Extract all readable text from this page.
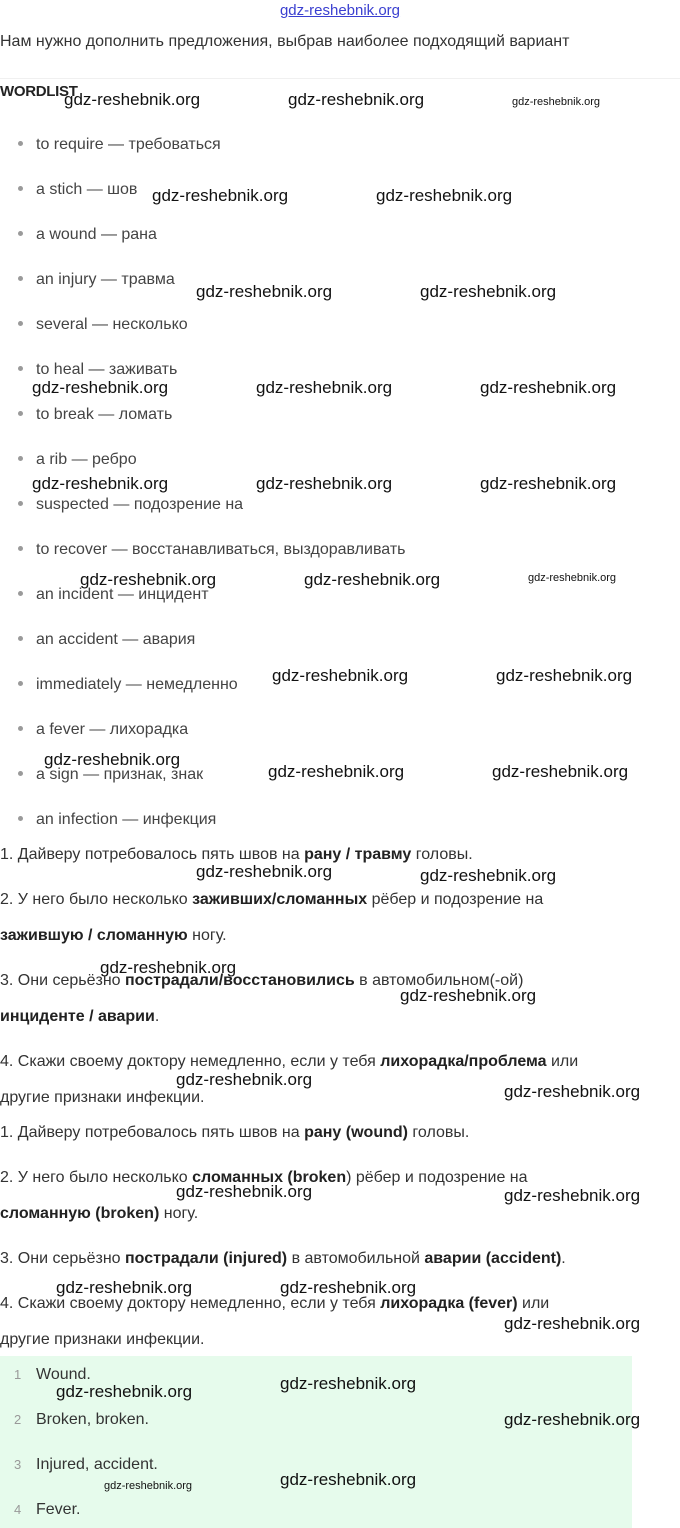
gdz-reshebnik.org
Нам нужно дополнить предложения, выбрав наиболее подходящий вариант
WORDLIST
to require — требоваться
a stich — шов
a wound — рана
an injury — травма
several — несколько
to heal — заживать
to break — ломать
a rib — ребро
suspected — подозрение на
to recover — восстанавливаться, выздоравливать
an incident — инцидент
an accident — авария
immediately — немедленно
a fever — лихорадка
a sign — признак, знак
an infection — инфекция
1. Дайверу потребовалось пять швов на рану / травму головы.
2. У него было несколько заживших/сломанных рёбер и подозрение на
зажившую / сломанную ногу.
3. Они серьёзно пострадали/восстановились в автомобильном(-ой)
инциденте / аварии.
4. Скажи своему доктору немедленно, если у тебя лихорадка/проблема или
другие признаки инфекции.
1. Дайверу потребовалось пять швов на рану (wound) головы.
2. У него было несколько сломанных (broken) рёбер и подозрение на
сломанную (broken) ногу.
3. Они серьёзно пострадали (injured) в автомобильной аварии (accident).
4. Скажи своему доктору немедленно, если у тебя лихорадка (fever) или
другие признаки инфекции.
1 Wound.
2 Broken, broken.
3 Injured, accident.
4 Fever.
gdz-reshebnik.org	gdz-reshebnik.org	gdz-reshebnik.org
gdz-reshebnik.org	gdz-reshebnik.org
gdz-reshebnik.org	gdz-reshebnik.org
gdz-reshebnik.org	gdz-reshebnik.org	gdz-reshebnik.org
gdz-reshebnik.org	gdz-reshebnik.org	gdz-reshebnik.org
gdz-reshebnik.org	gdz-reshebnik.org	gdz-reshebnik.org
gdz-reshebnik.org	gdz-reshebnik.org
gdz-reshebnik.org
gdz-reshebnik.org	gdz-reshebnik.org
gdz-reshebnik.org	gdz-reshebnik.org
gdz-reshebnik.org
gdz-reshebnik.org
gdz-reshebnik.org
gdz-reshebnik.org
gdz-reshebnik.org	gdz-reshebnik.org
gdz-reshebnik.org	gdz-reshebnik.org
gdz-reshebnik.org
gdz-reshebnik.org
gdz-reshebnik.org
gdz-reshebnik.org
gdz-reshebnik.org
gdz-reshebnik.org
